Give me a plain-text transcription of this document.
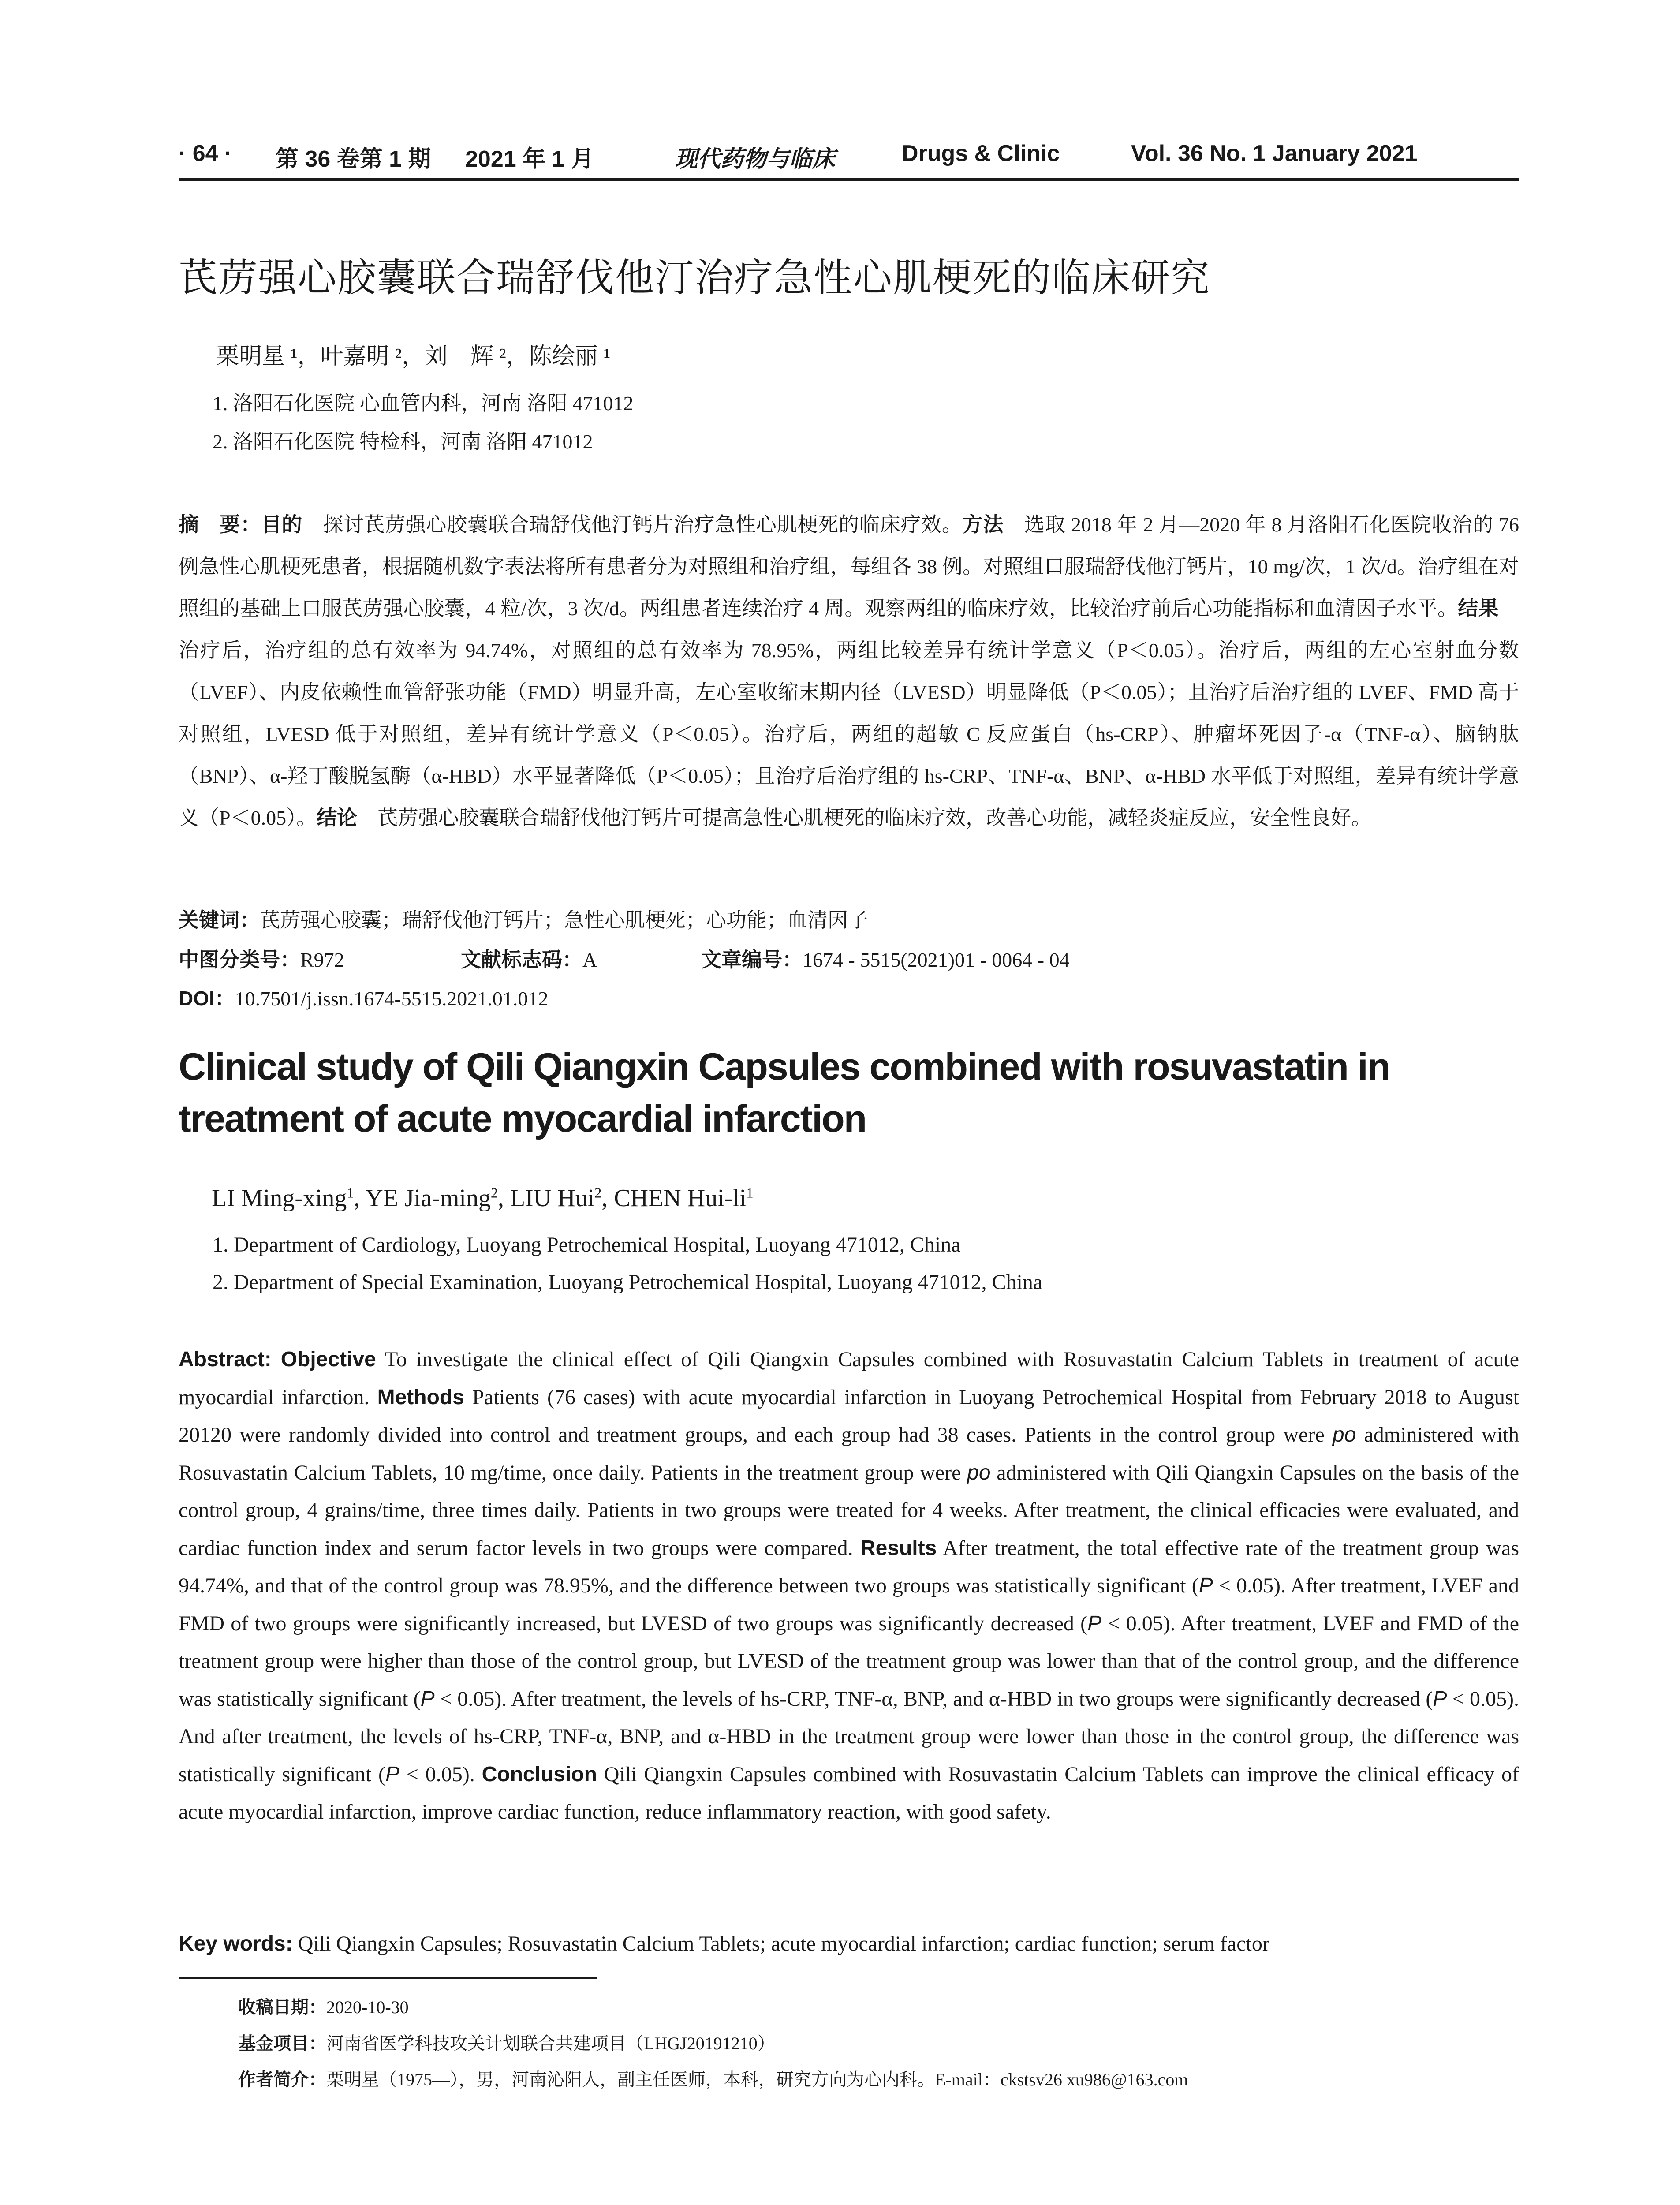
· 64 · 第 36 卷第 1 期 2021 年 1 月	现代药物与临床	Drugs & Clinic	Vol. 36 No. 1 January 2021
芪苈强心胶囊联合瑞舒伐他汀治疗急性心肌梗死的临床研究
栗明星 ¹，叶嘉明 ²，刘　辉 ²，陈绘丽 ¹
1. 洛阳石化医院 心血管内科，河南 洛阳 471012
2. 洛阳石化医院 特检科，河南 洛阳 471012
摘　要：目的　探讨芪苈强心胶囊联合瑞舒伐他汀钙片治疗急性心肌梗死的临床疗效。方法　选取 2018 年 2 月—2020 年 8 月洛阳石化医院收治的 76 例急性心肌梗死患者，根据随机数字表法将所有患者分为对照组和治疗组，每组各 38 例。对照组口服瑞舒伐他汀钙片，10 mg/次，1 次/d。治疗组在对照组的基础上口服芪苈强心胶囊，4 粒/次，3 次/d。两组患者连续治疗 4 周。观察两组的临床疗效，比较治疗前后心功能指标和血清因子水平。结果　治疗后，治疗组的总有效率为 94.74%，对照组的总有效率为 78.95%，两组比较差异有统计学意义（P＜0.05）。治疗后，两组的左心室射血分数（LVEF）、内皮依赖性血管舒张功能（FMD）明显升高，左心室收缩末期内径（LVESD）明显降低（P＜0.05）；且治疗后治疗组的 LVEF、FMD 高于对照组，LVESD 低于对照组，差异有统计学意义（P＜0.05）。治疗后，两组的超敏 C 反应蛋白（hs-CRP）、肿瘤坏死因子-α（TNF-α）、脑钠肽（BNP）、α-羟丁酸脱氢酶（α-HBD）水平显著降低（P＜0.05）；且治疗后治疗组的 hs-CRP、TNF-α、BNP、α-HBD 水平低于对照组，差异有统计学意义（P＜0.05）。结论　芪苈强心胶囊联合瑞舒伐他汀钙片可提高急性心肌梗死的临床疗效，改善心功能，减轻炎症反应，安全性良好。
关键词：芪苈强心胶囊；瑞舒伐他汀钙片；急性心肌梗死；心功能；血清因子
中图分类号：R972	文献标志码：A	文章编号：1674 - 5515(2021)01 - 0064 - 04
DOI：10.7501/j.issn.1674-5515.2021.01.012
Clinical study of Qili Qiangxin Capsules combined with rosuvastatin in treatment of acute myocardial infarction
LI Ming-xing$^1$, YE Jia-ming$^2$, LIU Hui$^2$, CHEN Hui-$li^1$
1. Department of Cardiology, Luoyang Petrochemical Hospital, Luoyang 471012, China
2. Department of Special Examination, Luoyang Petrochemical Hospital, Luoyang 471012, China
Abstract: Objective To investigate the clinical effect of Qili Qiangxin Capsules combined with Rosuvastatin Calcium Tablets in treatment of acute myocardial infarction. Methods Patients (76 cases) with acute myocardial infarction in Luoyang Petrochemical Hospital from February 2018 to August 20120 were randomly divided into control and treatment groups, and each group had 38 cases. Patients in the control group were po administered with Rosuvastatin Calcium Tablets, 10 mg/time, once daily. Patients in the treatment group were po administered with Qili Qiangxin Capsules on the basis of the control group, 4 grains/time, three times daily. Patients in two groups were treated for 4 weeks. After treatment, the clinical efficacies were evaluated, and cardiac function index and serum factor levels in two groups were compared. Results After treatment, the total effective rate of the treatment group was 94.74%, and that of the control group was 78.95%, and the difference between two groups was statistically significant (P < 0.05). After treatment, LVEF and FMD of two groups were significantly increased, but LVESD of two groups was significantly decreased (P < 0.05). After treatment, LVEF and FMD of the treatment group were higher than those of the control group, but LVESD of the treatment group was lower than that of the control group, and the difference was statistically significant (P < 0.05). After treatment, the levels of hs-CRP, TNF-α, BNP, and α-HBD in two groups were significantly decreased (P < 0.05). And after treatment, the levels of hs-CRP, TNF-α, BNP, and α-HBD in the treatment group were lower than those in the control group, the difference was statistically significant (P < 0.05). Conclusion Qili Qiangxin Capsules combined with Rosuvastatin Calcium Tablets can improve the clinical efficacy of acute myocardial infarction, improve cardiac function, reduce inflammatory reaction, with good safety.
Key words: Qili Qiangxin Capsules; Rosuvastatin Calcium Tablets; acute myocardial infarction; cardiac function; serum factor
收稿日期：2020-10-30
基金项目：河南省医学科技攻关计划联合共建项目（LHGJ20191210）
作者简介：栗明星（1975—），男，河南沁阳人，副主任医师，本科，研究方向为心内科。E-mail：ckstsv26 xu986@163.com
